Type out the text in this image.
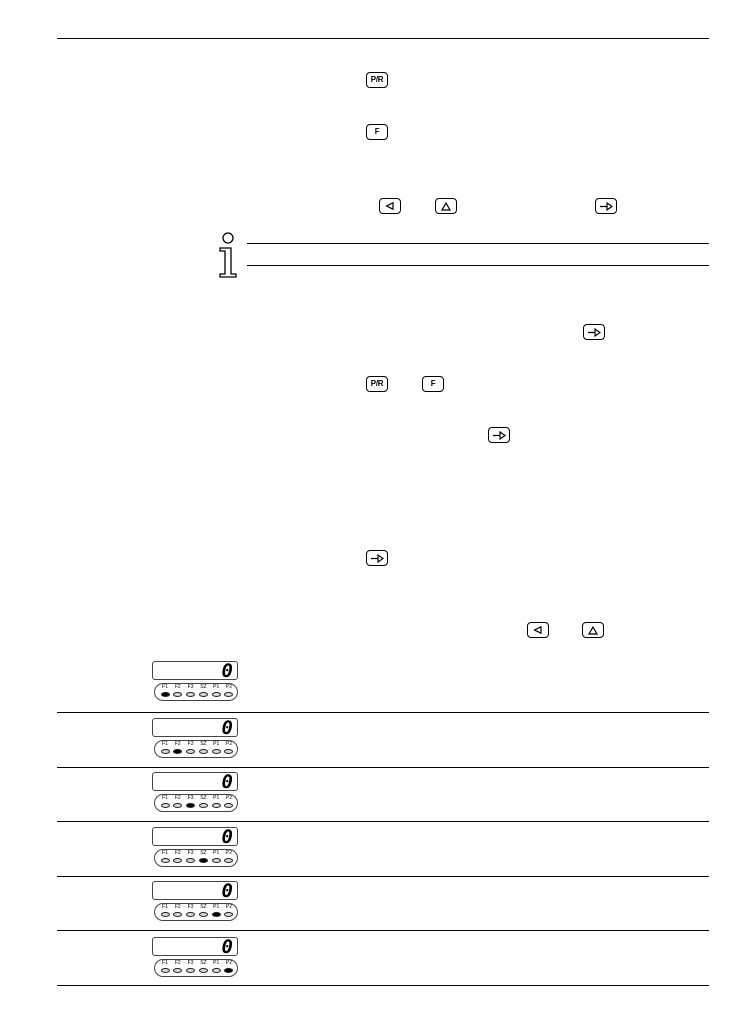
P/R
F
P/R	F
0
F1	F2	F3	SZ	P1	P2
0
F1	F2	F3	SZ	P1	P2
0
F1	F2	F3	SZ	P1	P2
0
F1	F2	F3	SZ	P1	P2
0
F1	F2	F3	SZ	P1	P2
0
F1	F2	F3	SZ	P1	P2
